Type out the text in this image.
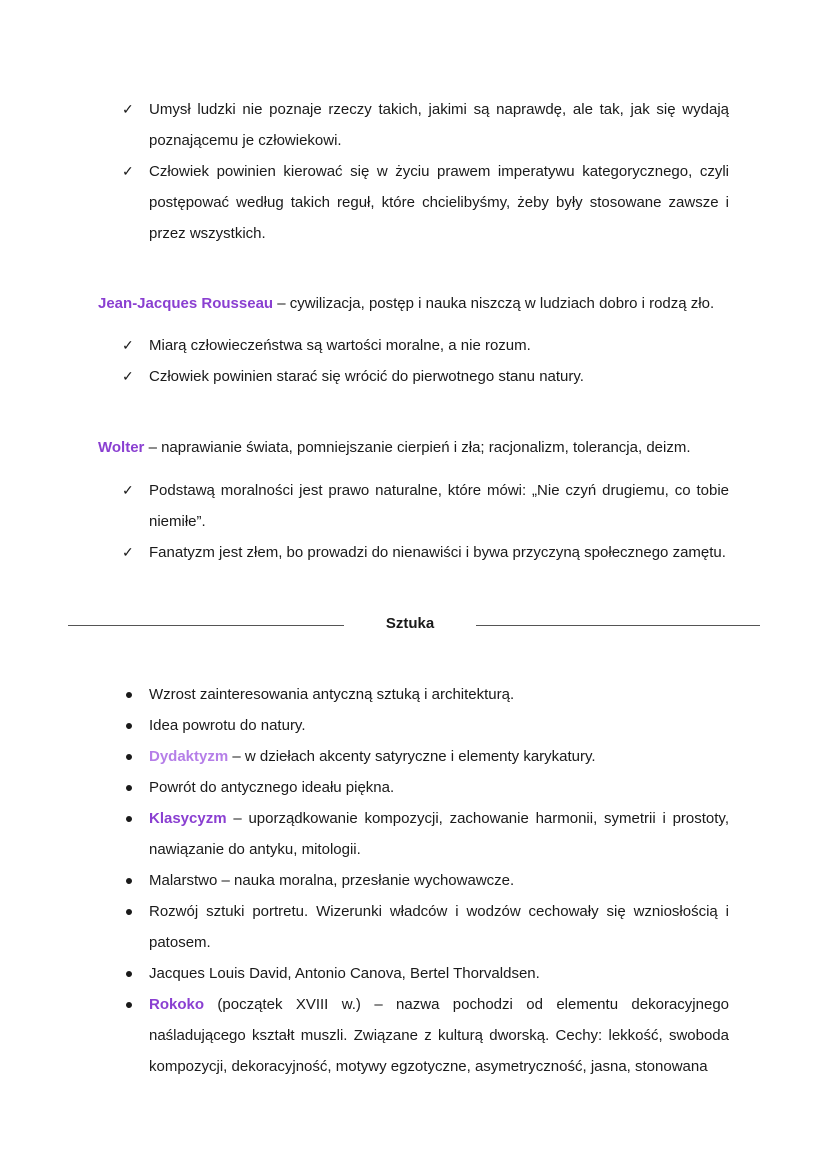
✓	Umysł ludzki nie poznaje rzeczy takich, jakimi są naprawdę, ale tak, jak się wydają poznającemu je człowiekowi.
✓	Człowiek powinien kierować się w życiu prawem imperatywu kategorycznego, czyli postępować według takich reguł, które chcielibyśmy, żeby były stosowane zawsze i przez wszystkich.
Jean-Jacques Rousseau – cywilizacja, postęp i nauka niszczą w ludziach dobro i rodzą zło.
✓	Miarą człowieczeństwa są wartości moralne, a nie rozum.
✓	Człowiek powinien starać się wrócić do pierwotnego stanu natury.
Wolter – naprawianie świata, pomniejszanie cierpień i zła; racjonalizm, tolerancja, deizm.
✓	Podstawą moralności jest prawo naturalne, które mówi: „Nie czyń drugiemu, co tobie niemiłe”.
✓	Fanatyzm jest złem, bo prowadzi do nienawiści i bywa przyczyną społecznego zamętu.
Sztuka
Wzrost zainteresowania antyczną sztuką i architekturą.
Idea powrotu do natury.
Dydaktyzm – w dziełach akcenty satyryczne i elementy karykatury.
Powrót do antycznego ideału piękna.
Klasycyzm – uporządkowanie kompozycji, zachowanie harmonii, symetrii i prostoty, nawiązanie do antyku, mitologii.
Malarstwo – nauka moralna, przesłanie wychowawcze.
Rozwój sztuki portretu. Wizerunki władców i wodzów cechowały się wzniosłością i patosem.
Jacques Louis David, Antonio Canova, Bertel Thorvaldsen.
Rokoko (początek XVIII w.) – nazwa pochodzi od elementu dekoracyjnego naśladującego kształt muszli. Związane z kulturą dworską. Cechy: lekkość, swoboda kompozycji, dekoracyjność, motywy egzotyczne, asymetryczność, jasna, stonowana
